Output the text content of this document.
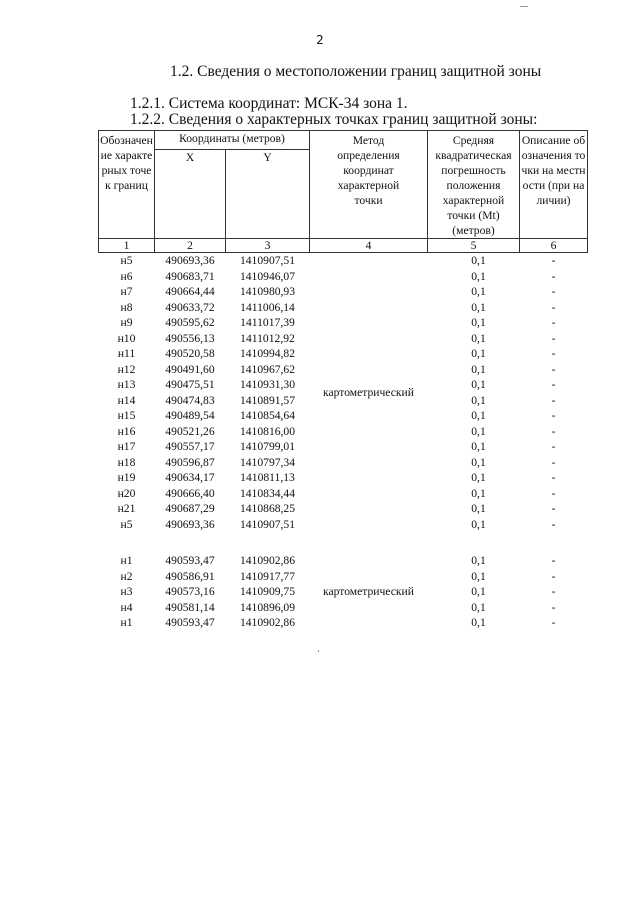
2
1.2. Сведения о местоположении границ защитной зоны
1.2.1. Система координат: МСК-34 зона 1.
1.2.2. Сведения о характерных точках границ защитной зоны:
Обозначение характерных точек границ	Координаты (метров)		Метод определения координат характерной точки	Средняя квадратическая погрешность положения характерной точки (Mt) (метров)	Описание обозначения точки на местности (при наличии)
	X	Y			
1	2	3	4	5	6
н5	490693,36	1410907,51	картометрический	0,1	-
н6	490683,71	1410946,07		0,1	-
н7	490664,44	1410980,93		0,1	-
н8	490633,72	1411006,14		0,1	-
н9	490595,62	1411017,39		0,1	-
н10	490556,13	1411012,92		0,1	-
н11	490520,58	1410994,82		0,1	-
н12	490491,60	1410967,62		0,1	-
н13	490475,51	1410931,30		0,1	-
н14	490474,83	1410891,57		0,1	-
н15	490489,54	1410854,64		0,1	-
н16	490521,26	1410816,00		0,1	-
н17	490557,17	1410799,01		0,1	-
н18	490596,87	1410797,34		0,1	-
н19	490634,17	1410811,13		0,1	-
н20	490666,40	1410834,44		0,1	-
н21	490687,29	1410868,25		0,1	-
н5	490693,36	1410907,51		0,1	-

н1	490593,47	1410902,86	картометрический	0,1	-
н2	490586,91	1410917,77		0,1	-
н3	490573,16	1410909,75		0,1	-
н4	490581,14	1410896,09		0,1	-
н1	490593,47	1410902,86		0,1	-
